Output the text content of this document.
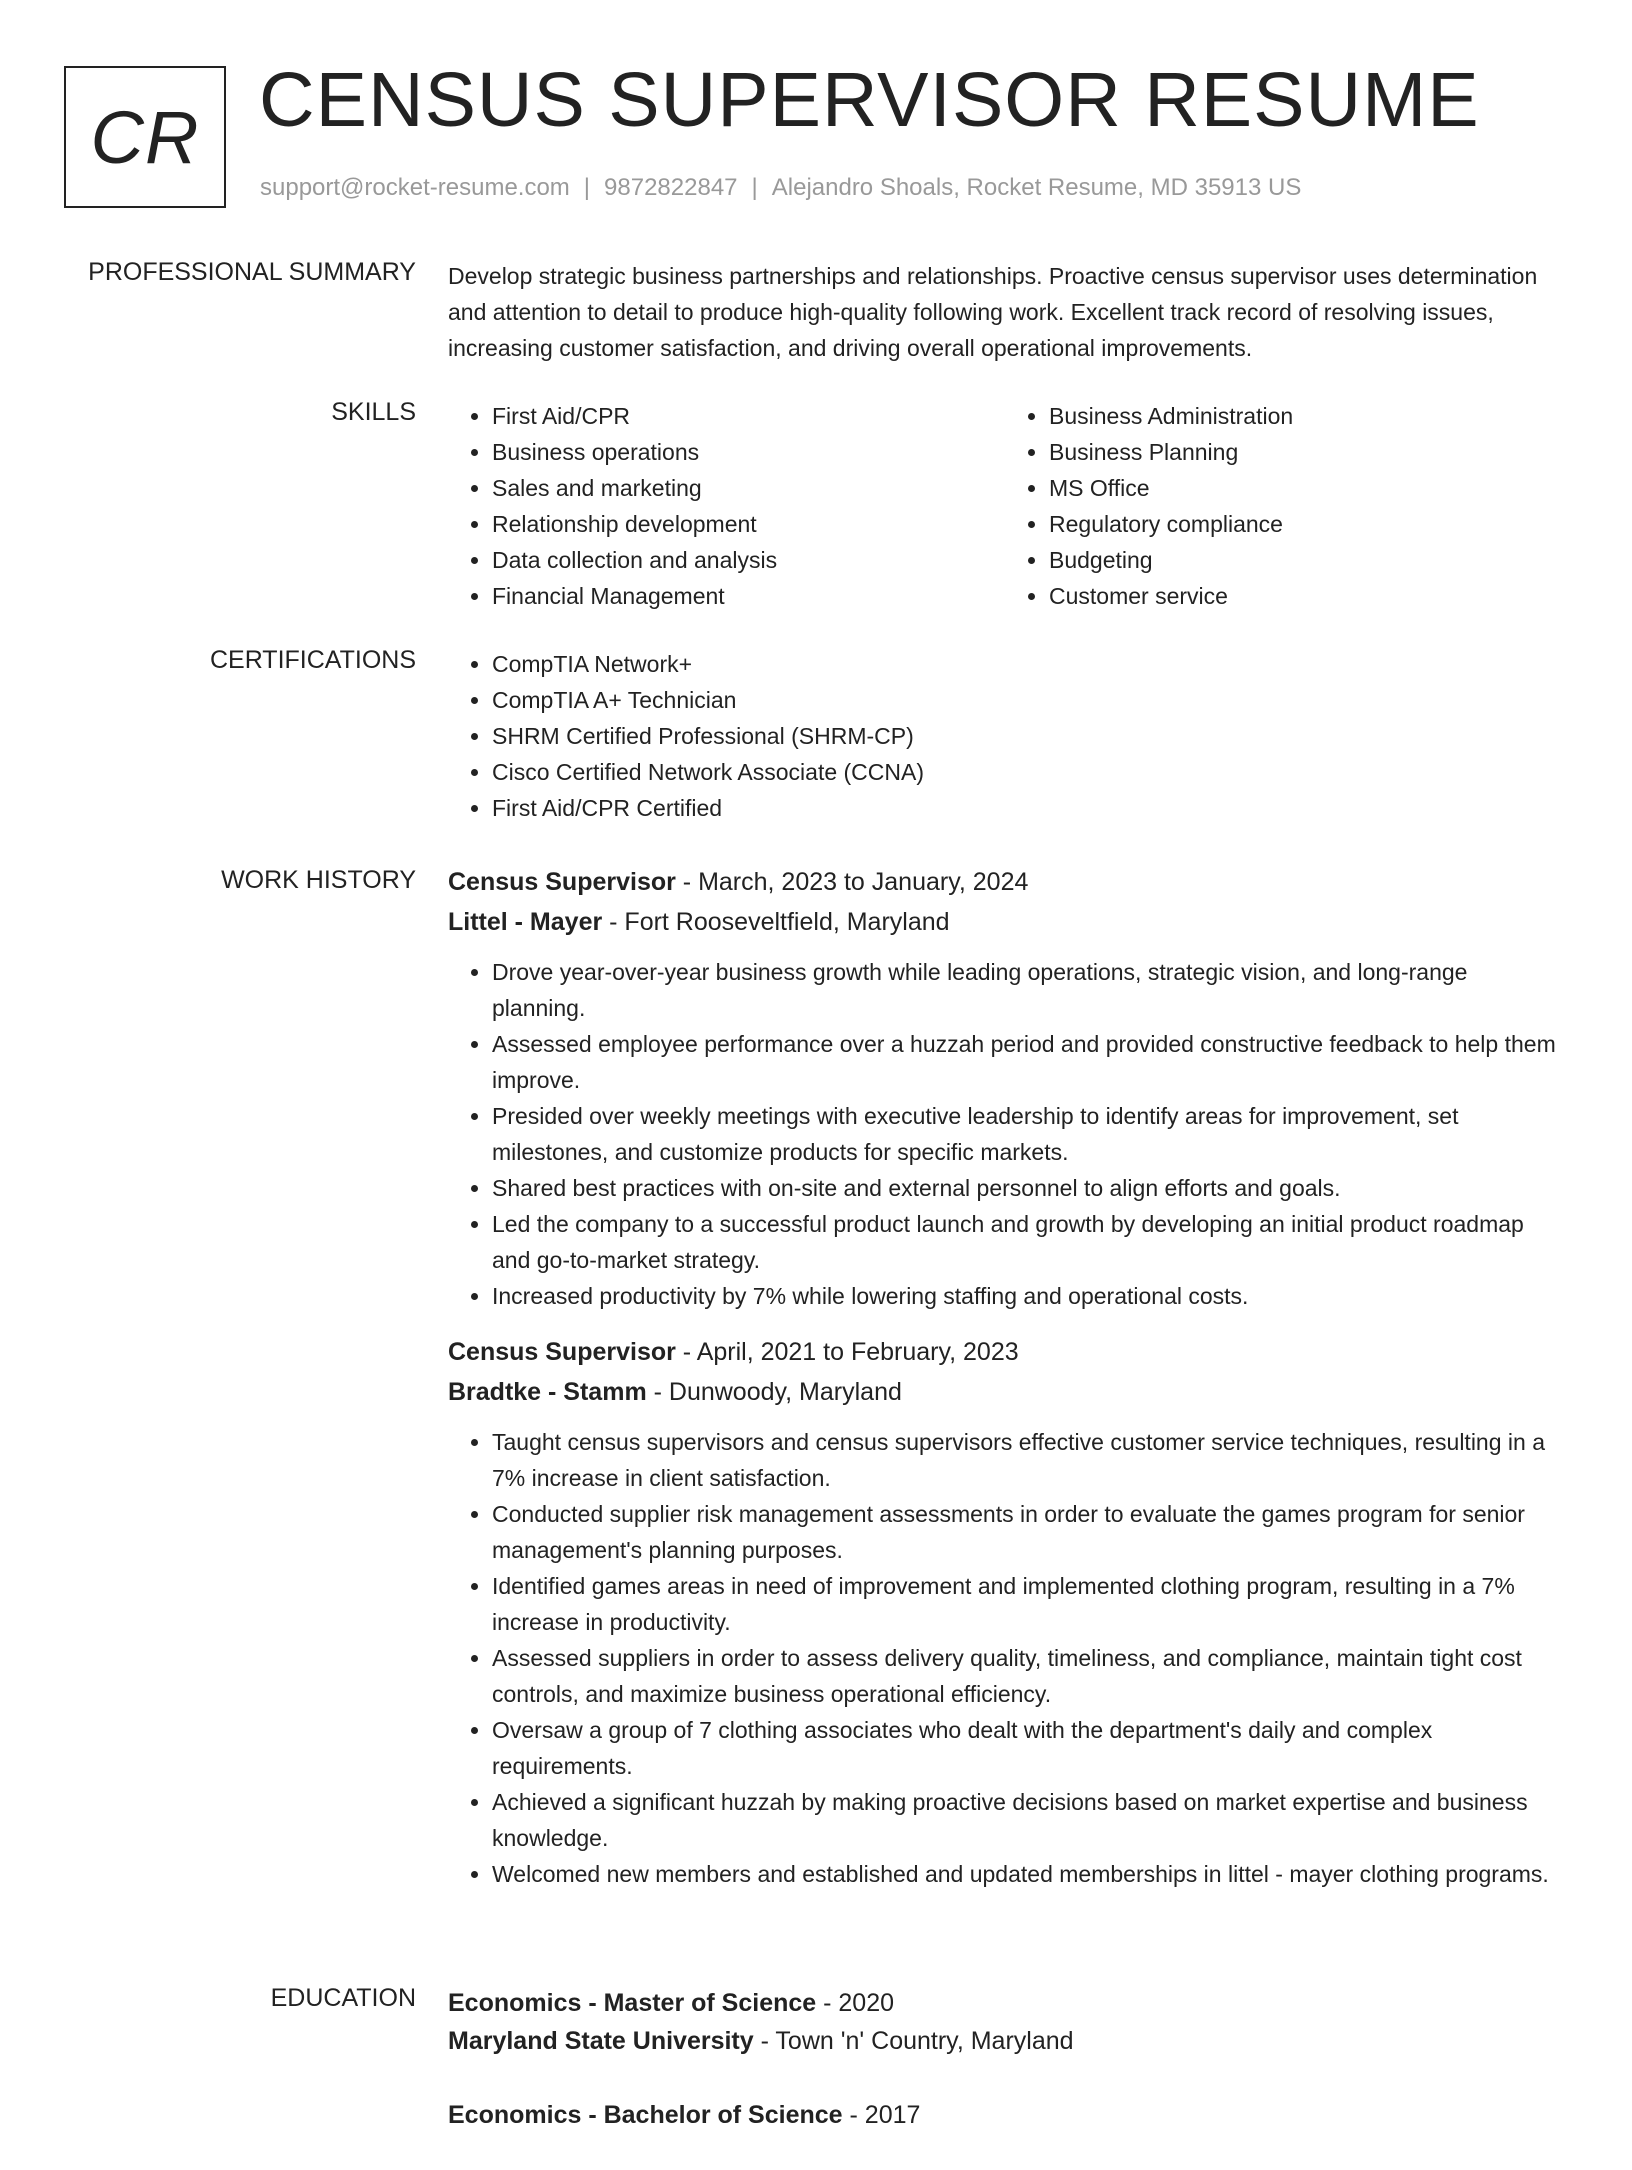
CR CENSUS SUPERVISOR RESUME
support@rocket-resume.com | 9872822847 | Alejandro Shoals, Rocket Resume, MD 35913 US
PROFESSIONAL SUMMARY Develop strategic business partnerships and relationships. Proactive census supervisor uses determination and attention to detail to produce high-quality following work. Excellent track record of resolving issues, increasing customer satisfaction, and driving overall operational improvements.

SKILLS	• First Aid/CPR
• Business operations
• Sales and marketing
• Relationship development
• Data collection and analysis
• Financial Management
• Business Administration
• Business Planning
• MS Office
• Regulatory compliance
• Budgeting
• Customer service
CERTIFICATIONS	• CompTIA Network+
• CompTIA A+ Technician
• SHRM Certified Professional (SHRM-CP)
• Cisco Certified Network Associate (CCNA)
• First Aid/CPR Certified
WORK HISTORY Census Supervisor - March, 2023 to January, 2024
Littel - Mayer - Fort Rooseveltfield, Maryland
• Drove year-over-year business growth while leading operations, strategic vision, and long-range planning.
• Assessed employee performance over a huzzah period and provided constructive feedback to help them improve.
• Presided over weekly meetings with executive leadership to identify areas for improvement, set milestones, and customize products for specific markets.
• Shared best practices with on-site and external personnel to align efforts and goals.
• Led the company to a successful product launch and growth by developing an initial product roadmap and go-to-market strategy.
• Increased productivity by 7% while lowering staffing and operational costs.
Census Supervisor - April, 2021 to February, 2023
Bradtke - Stamm - Dunwoody, Maryland
• Taught census supervisors and census supervisors effective customer service techniques, resulting in a 7% increase in client satisfaction.
• Conducted supplier risk management assessments in order to evaluate the games program for senior management's planning purposes.
• Identified games areas in need of improvement and implemented clothing program, resulting in a 7% increase in productivity.
• Assessed suppliers in order to assess delivery quality, timeliness, and compliance, maintain tight cost controls, and maximize business operational efficiency.
• Oversaw a group of 7 clothing associates who dealt with the department's daily and complex requirements.
• Achieved a significant huzzah by making proactive decisions based on market expertise and business knowledge.
• Welcomed new members and established and updated memberships in littel - mayer clothing programs.
EDUCATION Economics - Master of Science - 2020
Maryland State University - Town 'n' Country, Maryland
Economics - Bachelor of Science - 2017
